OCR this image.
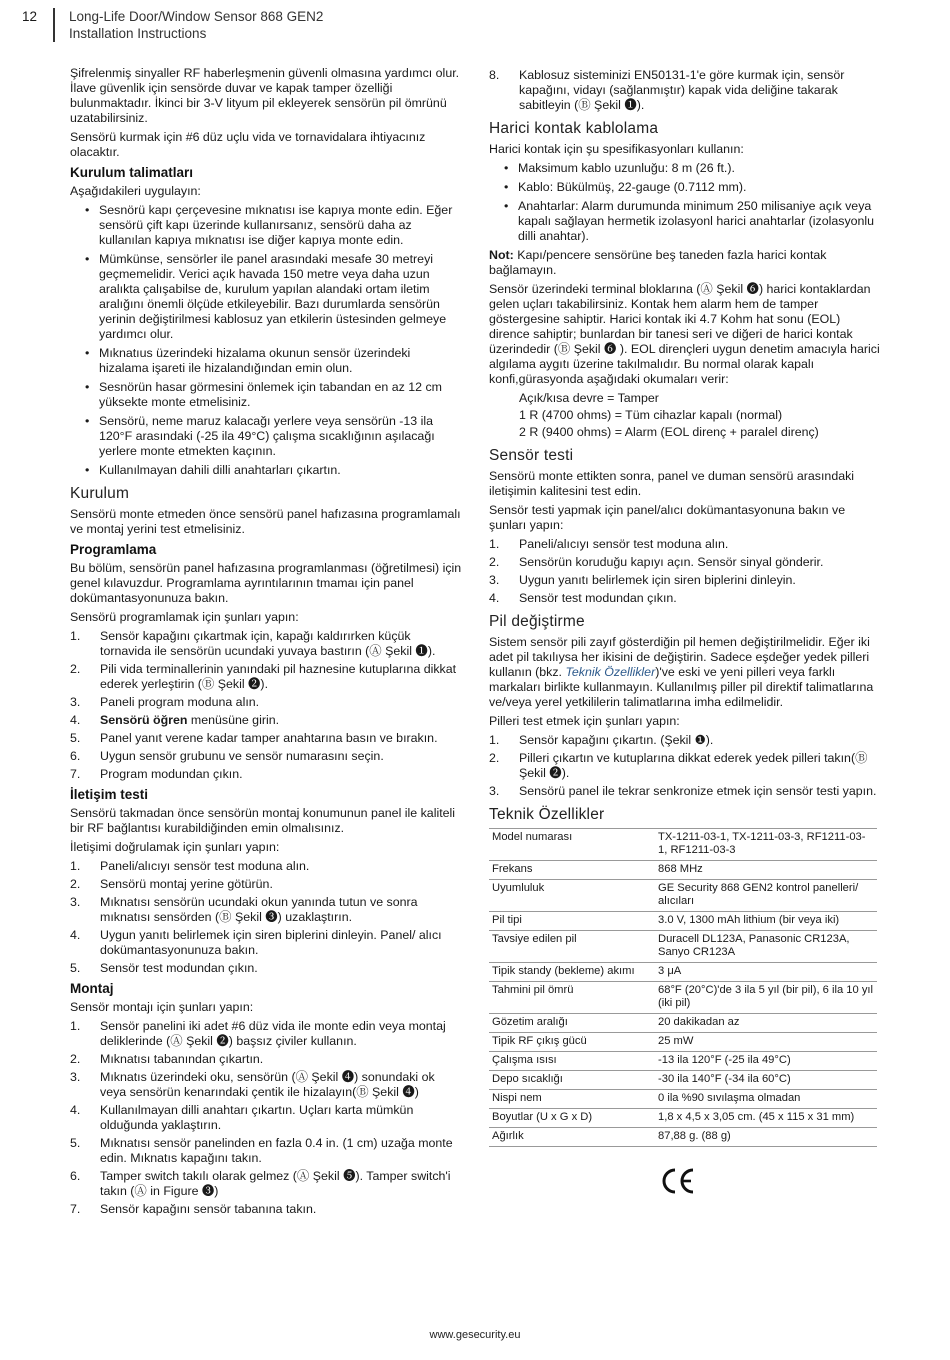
12 Long-Life Door/Window Sensor 868 GEN2
Installation Instructions

Şifrelenmiş sinyaller RF haberleşmenin güvenli olmasına yardımcı olur. İlave güvenlik için sensörde duvar ve kapak tamper özelliği bulunmaktadır. İkinci bir 3-V lityum pil ekleyerek sensörün pil ömrünü uzatabilirsiniz.

Sensörü kurmak için #6 düz uçlu vida ve tornavidalara ihtiyacınız olacaktır.

Kurulum talimatları

Aşağıdakileri uygulayın:

• Sesnörü kapı çerçevesine mıknatısı ise kapıya monte edin. Eğer sensörü çift kapı üzerinde kullanırsanız, sensörü daha az kullanılan kapıya mıknatısı ise diğer kapıya monte edin.
• Mümkünse, sensörler ile panel arasındaki mesafe 30 metreyi geçmemelidir. Verici açık havada 150 metre veya daha uzun aralıkta çalışabilse de, kurulum yapılan alandaki ortam iletim aralığını önemli ölçüde etkileyebilir. Bazı durumlarda sensörün yerinin değiştirilmesi kablosuz yan etkilerin üstesinden gelmeye yardımcı olur.
• Mıknatıus üzerindeki hizalama okunun sensör üzerindeki hizalama işareti ile hizalandığından emin olun.
• Sesnörün hasar görmesini önlemek için tabandan en az 12 cm yüksekte monte etmelisiniz.
• Sensörü, neme maruz kalacağı yerlere veya sensörün -13 ila 120°F arasındaki (-25 ila 49°C) çalışma sıcaklığının aşılacağı yerlere monte etmekten kaçının.
• Kullanılmayan dahili dilli anahtarları çıkartın.
Kurulum

Sensörü monte etmeden önce sensörü panel hafızasına programlamalı ve montaj yerini test etmelisiniz.

Programlama

Bu bölüm, sensörün panel hafızasına programlanması (öğretilmesi) için genel kılavuzdur. Programlama ayrıntılarının tmamaı için panel dokümantasyonunuza bakın.

Sensörü programlamak için şunları yapın:

1. Sensör kapağını çıkartmak için, kapağı kaldırırken küçük tornavida ile sensörün ucundaki yuvaya bastırın (Ⓐ Şekil ❶).
2. Pili vida terminallerinin yanındaki pil haznesine kutuplarına dikkat ederek yerleştirin (Ⓑ Şekil ❷).
3. Paneli program moduna alın.
4. Sensörü öğren menüsüne girin.
5. Panel yanıt verene kadar tamper anahtarına basın ve bırakın.
6. Uygun sensör grubunu ve sensör numarasını seçin.
7. Program modundan çıkın.
İletişim testi

Sensörü takmadan önce sensörün montaj konumunun panel ile kaliteli bir RF bağlantısı kurabildiğinden emin olmalısınız.

İletişimi doğrulamak için şunları yapın:

1. Paneli/alıcıyı sensör test moduna alın.
2. Sensörü montaj yerine götürün.
3. Mıknatısı sensörün ucundaki okun yanında tutun ve sonra mıknatısı sensörden (Ⓑ Şekil ❸) uzaklaştırın.
4. Uygun yanıtı belirlemek için siren biplerini dinleyin. Panel/ alıcı dokümantasyonunuza bakın.
5. Sensör test modundan çıkın.
Montaj

Sensör montajı için şunları yapın:

1. Sensör panelini iki adet #6 düz vida ile monte edin veya montaj deliklerinde (Ⓐ Şekil ❷) başsız çiviler kullanın.
2. Mıknatısı tabanından çıkartın.
3. Mıknatıs üzerindeki oku, sensörün (Ⓐ Şekil ❹) sonundaki ok veya sensörün kenarındaki çentik ile hizalayın(Ⓑ Şekil ❹)
4. Kullanılmayan dilli anahtarı çıkartın. Uçları karta mümkün olduğunda yaklaştırın.
5. Mıknatısı sensör panelinden en fazla 0.4 in. (1 cm) uzağa monte edin. Mıknatıs kapağını takın.
6. Tamper switch takılı olarak gelmez (Ⓐ Şekil ❺). Tamper switch'i takın (Ⓐ in Figure ❸)
7. Sensör kapağını sensör tabanına takın.
8. Kablosuz sisteminizi EN50131-1'e göre kurmak için, sensör kapağını, vidayı (sağlanmıştır) kapak vida deliğine takarak sabitleyin (Ⓑ Şekil ❶).
Harici kontak kablolama

Harici kontak için şu spesifikasyonları kullanın:

• Maksimum kablo uzunluğu: 8 m (26 ft.).
• Kablo: Bükülmüş, 22-gauge (0.7112 mm).
• Anahtarlar: Alarm durumunda minimum 250 milisaniye açık veya kapalı sağlayan hermetik izolasyonl harici anahtarlar (izolasyonlu dilli anahtar).

Not: Kapı/pencere sensörüne beş taneden fazla harici kontak bağlamayın.

Sensör üzerindeki terminal bloklarına (Ⓐ Şekil ❻) harici kontaklardan gelen uçları takabilirsiniz. Kontak hem alarm hem de tamper göstergesine sahiptir. Harici kontak iki 4.7 Kohm hat sonu (EOL) dirence sahiptir; bunlardan bir tanesi seri ve diğeri de harici kontak üzerindedir (Ⓑ Şekil ❻ ). EOL dirençleri uygun denetim amacıyla harici algılama aygıtı üzerine takılmalıdır. Bu normal olarak kapalı konfi,gürasyonda aşağıdaki okumaları verir:

Açık/kısa devre = Tamper
1 R (4700 ohms) = Tüm cihazlar kapalı (normal)
2 R (9400 ohms) = Alarm (EOL direnç + paralel direnç)
Sensör testi

Sensörü monte ettikten sonra, panel ve duman sensörü arasındaki iletişimin kalitesini test edin.

Sensör testi yapmak için panel/alıcı dokümantasyonuna bakın ve şunları yapın:

1. Paneli/alıcıyı sensör test moduna alın.
2. Sensörün koruduğu kapıyı açın. Sensör sinyal gönderir.
3. Uygun yanıtı belirlemek için siren biplerini dinleyin.
4. Sensör test modundan çıkın.
Pil değiştirme

Sistem sensör pili zayıf gösterdiğin pil hemen değiştirilmelidir. Eğer iki adet pil takılıysa her ikisini de değiştirin. Sadece eşdeğer yedek pilleri kullanın (bkz. Teknik Özellikler)'ve eski ve yeni pilleri veya farklı markaları birlikte kullanmayın. Kullanılmış piller pil direktif talimatlarına ve/veya yerel yetkililerin talimatlarına imha edilmelidir.

Pilleri test etmek için şunları yapın:

1. Sensör kapağını çıkartın. (Şekil ❶).
2. Pilleri çıkartın ve kutuplarına dikkat ederek yedek pilleri takın(Ⓑ Şekil ❷).
3. Sensörü panel ile tekrar senkronize etmek için sensör testi yapın.
Teknik Özellikler
Model numarası	TX-1211-03-1, TX-1211-03-3, RF1211-03-1, RF1211-03-3
Frekans	868 MHz
Uyumluluk	GE Security 868 GEN2 kontrol panelleri/ alıcıları
Pil tipi	3.0 V, 1300 mAh lithium (bir veya iki)
Tavsiye edilen pil	Duracell DL123A, Panasonic CR123A, Sanyo CR123A
Tipik standy (bekleme) akımı	3 μA
Tahmini pil ömrü	68°F (20°C)'de 3 ila 5 yıl (bir pil), 6 ila 10 yıl (iki pil)
Gözetim aralığı	20 dakikadan az
Tipik RF çıkış gücü	25 mW
Çalışma ısısı	-13 ila 120°F (-25 ila 49°C)
Depo sıcaklığı	-30 ila 140°F (-34 ila 60°C)
Nispi nem	0 ila %90 sıvılaşma olmadan
Boyutlar (U x G x D)	1,8 x 4,5 x 3,05 cm. (45 x 115 x 31 mm)
Ağırlık	87,88 g. (88 g)
www.gesecurity.eu
